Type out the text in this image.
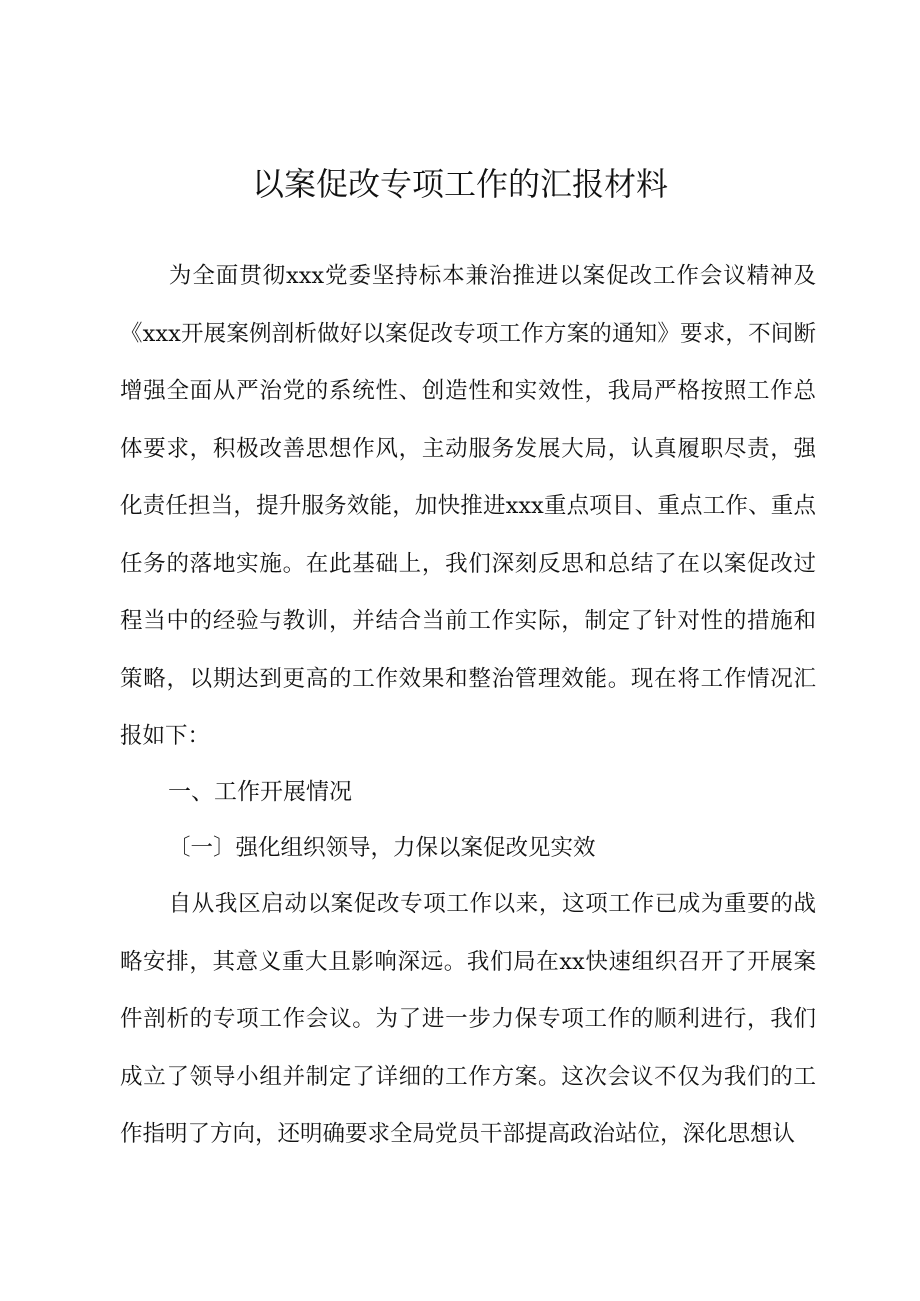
以案促改专项工作的汇报材料

为全面贯彻xxx党委坚持标本兼治推进以案促改工作会议精神及《xxx开展案例剖析做好以案促改专项工作方案的通知》要求，不间断增强全面从严治党的系统性、创造性和实效性，我局严格按照工作总体要求，积极改善思想作风，主动服务发展大局，认真履职尽责，强化责任担当，提升服务效能，加快推进xxx重点项目、重点工作、重点任务的落地实施。在此基础上，我们深刻反思和总结了在以案促改过程当中的经验与教训，并结合当前工作实际，制定了针对性的措施和策略，以期达到更高的工作效果和整治管理效能。现在将工作情况汇报如下：

一、工作开展情况
〔一〕强化组织领导，力保以案促改见实效

自从我区启动以案促改专项工作以来，这项工作已成为重要的战略安排，其意义重大且影响深远。我们局在xx快速组织召开了开展案件剖析的专项工作会议。为了进一步力保专项工作的顺利进行，我们成立了领导小组并制定了详细的工作方案。这次会议不仅为我们的工作指明了方向，还明确要求全局党员干部提高政治站位，深化思想认
